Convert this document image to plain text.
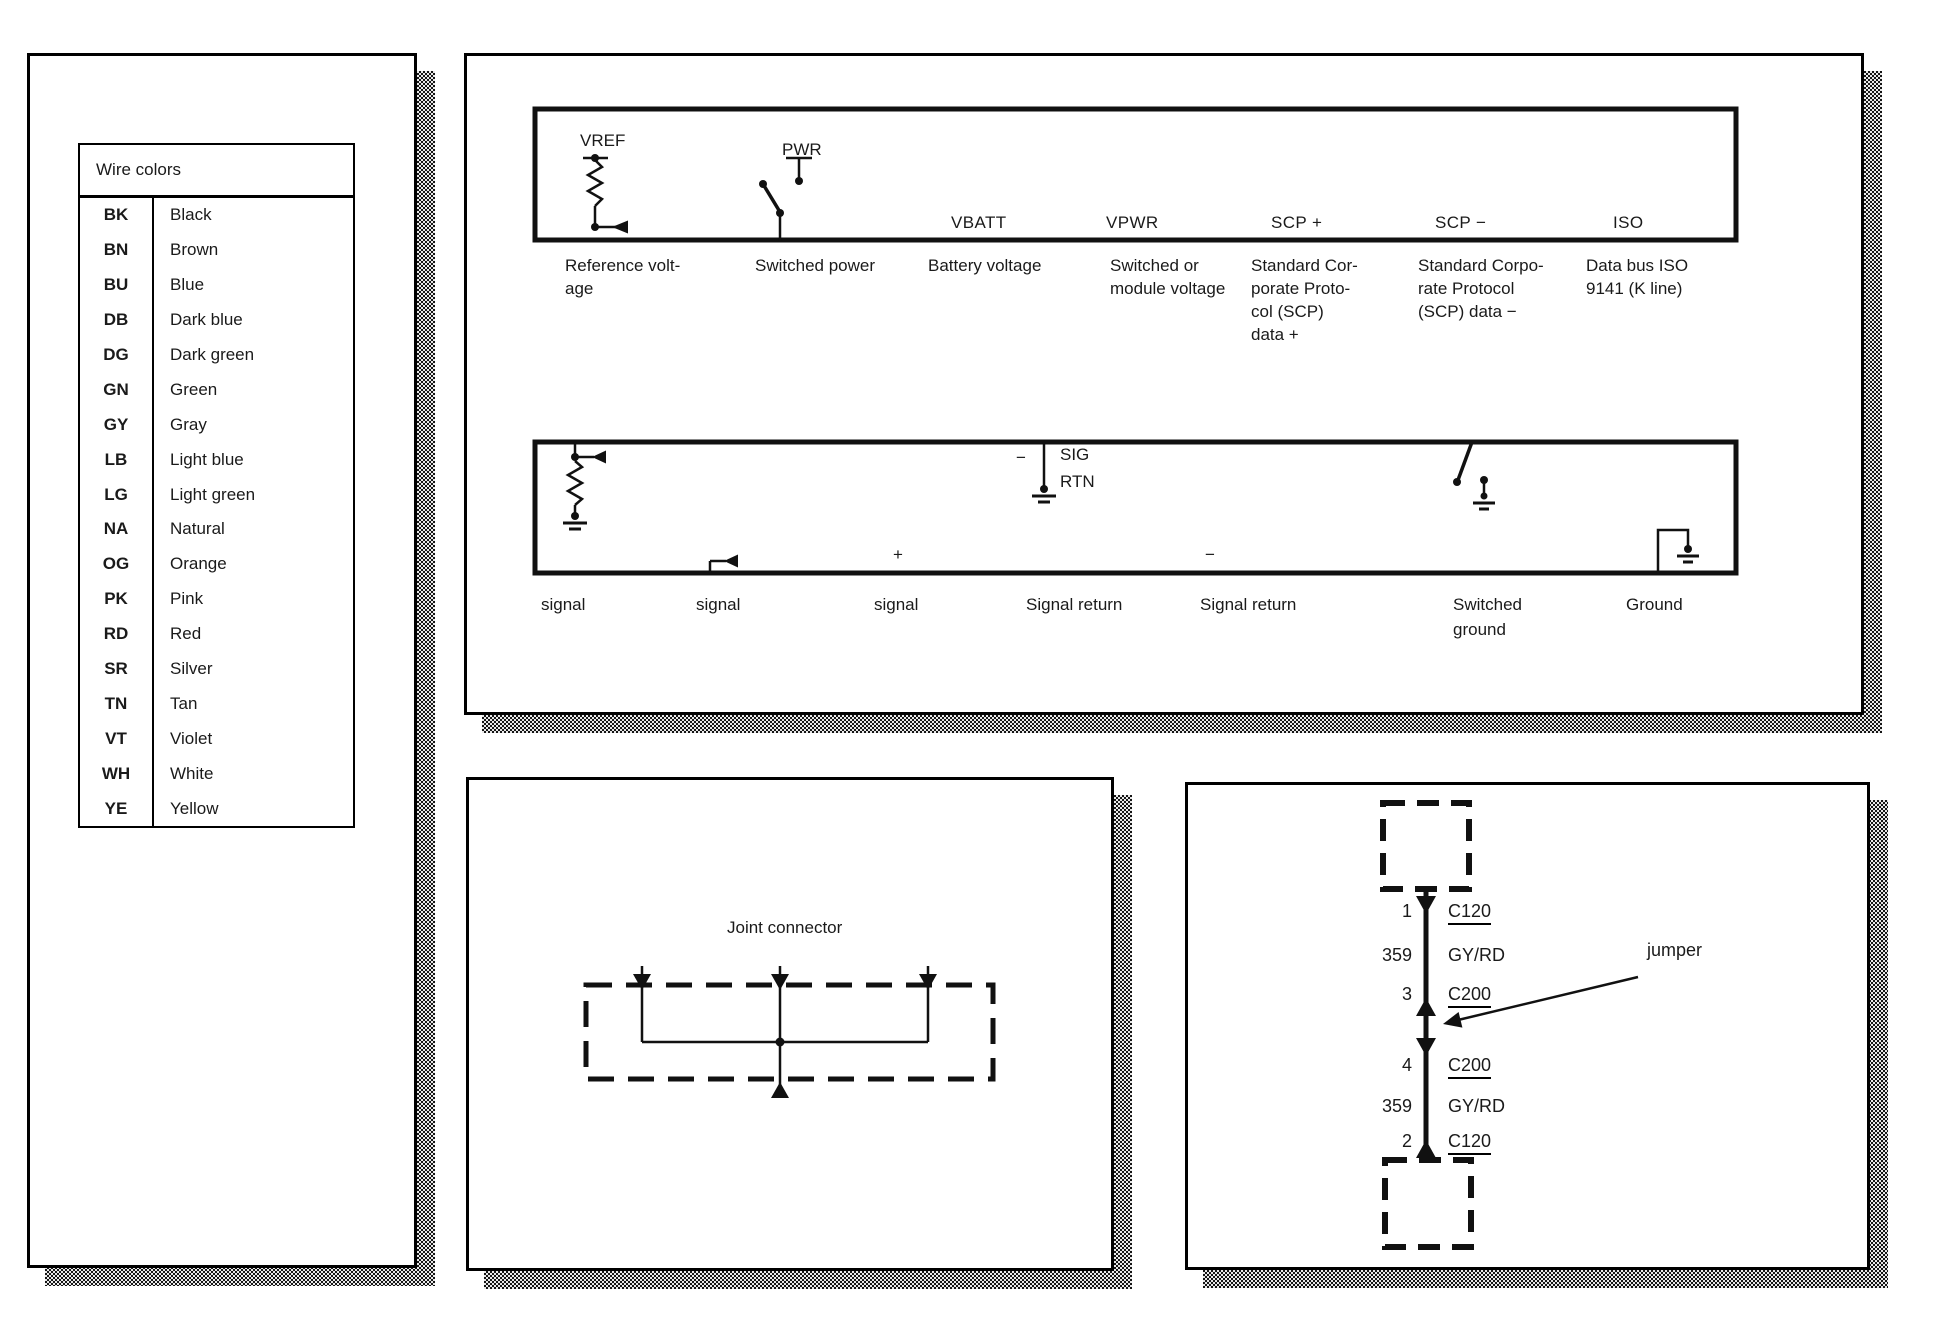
Wire colors
BK	Black
BN	Brown
BU	Blue
DB	Dark blue
DG	Dark green
GN	Green
GY	Gray
LB	Light blue
LG	Light green
NA	Natural
OG	Orange
PK	Pink
RD	Red
SR	Silver
TN	Tan
VT	Violet
WH	White
YE	Yellow
VREF	PWR
VBATT	VPWR	SCP +	SCP −	ISO
Reference volt-
age
Switched power	Battery voltage	Switched or
module voltage
Standard Cor-
porate Proto-
col (SCP)
data +
Standard Corpo-
rate Protocol
(SCP) data −
Data bus ISO
9141 (K line)
− SIG
RTN
+	−
signal	signal	signal	Signal return	Signal return	Switched
ground
Ground
Joint connector
1 C120
359 GY/RD
3 C200
4 C200
359 GY/RD
2 C120
jumper
